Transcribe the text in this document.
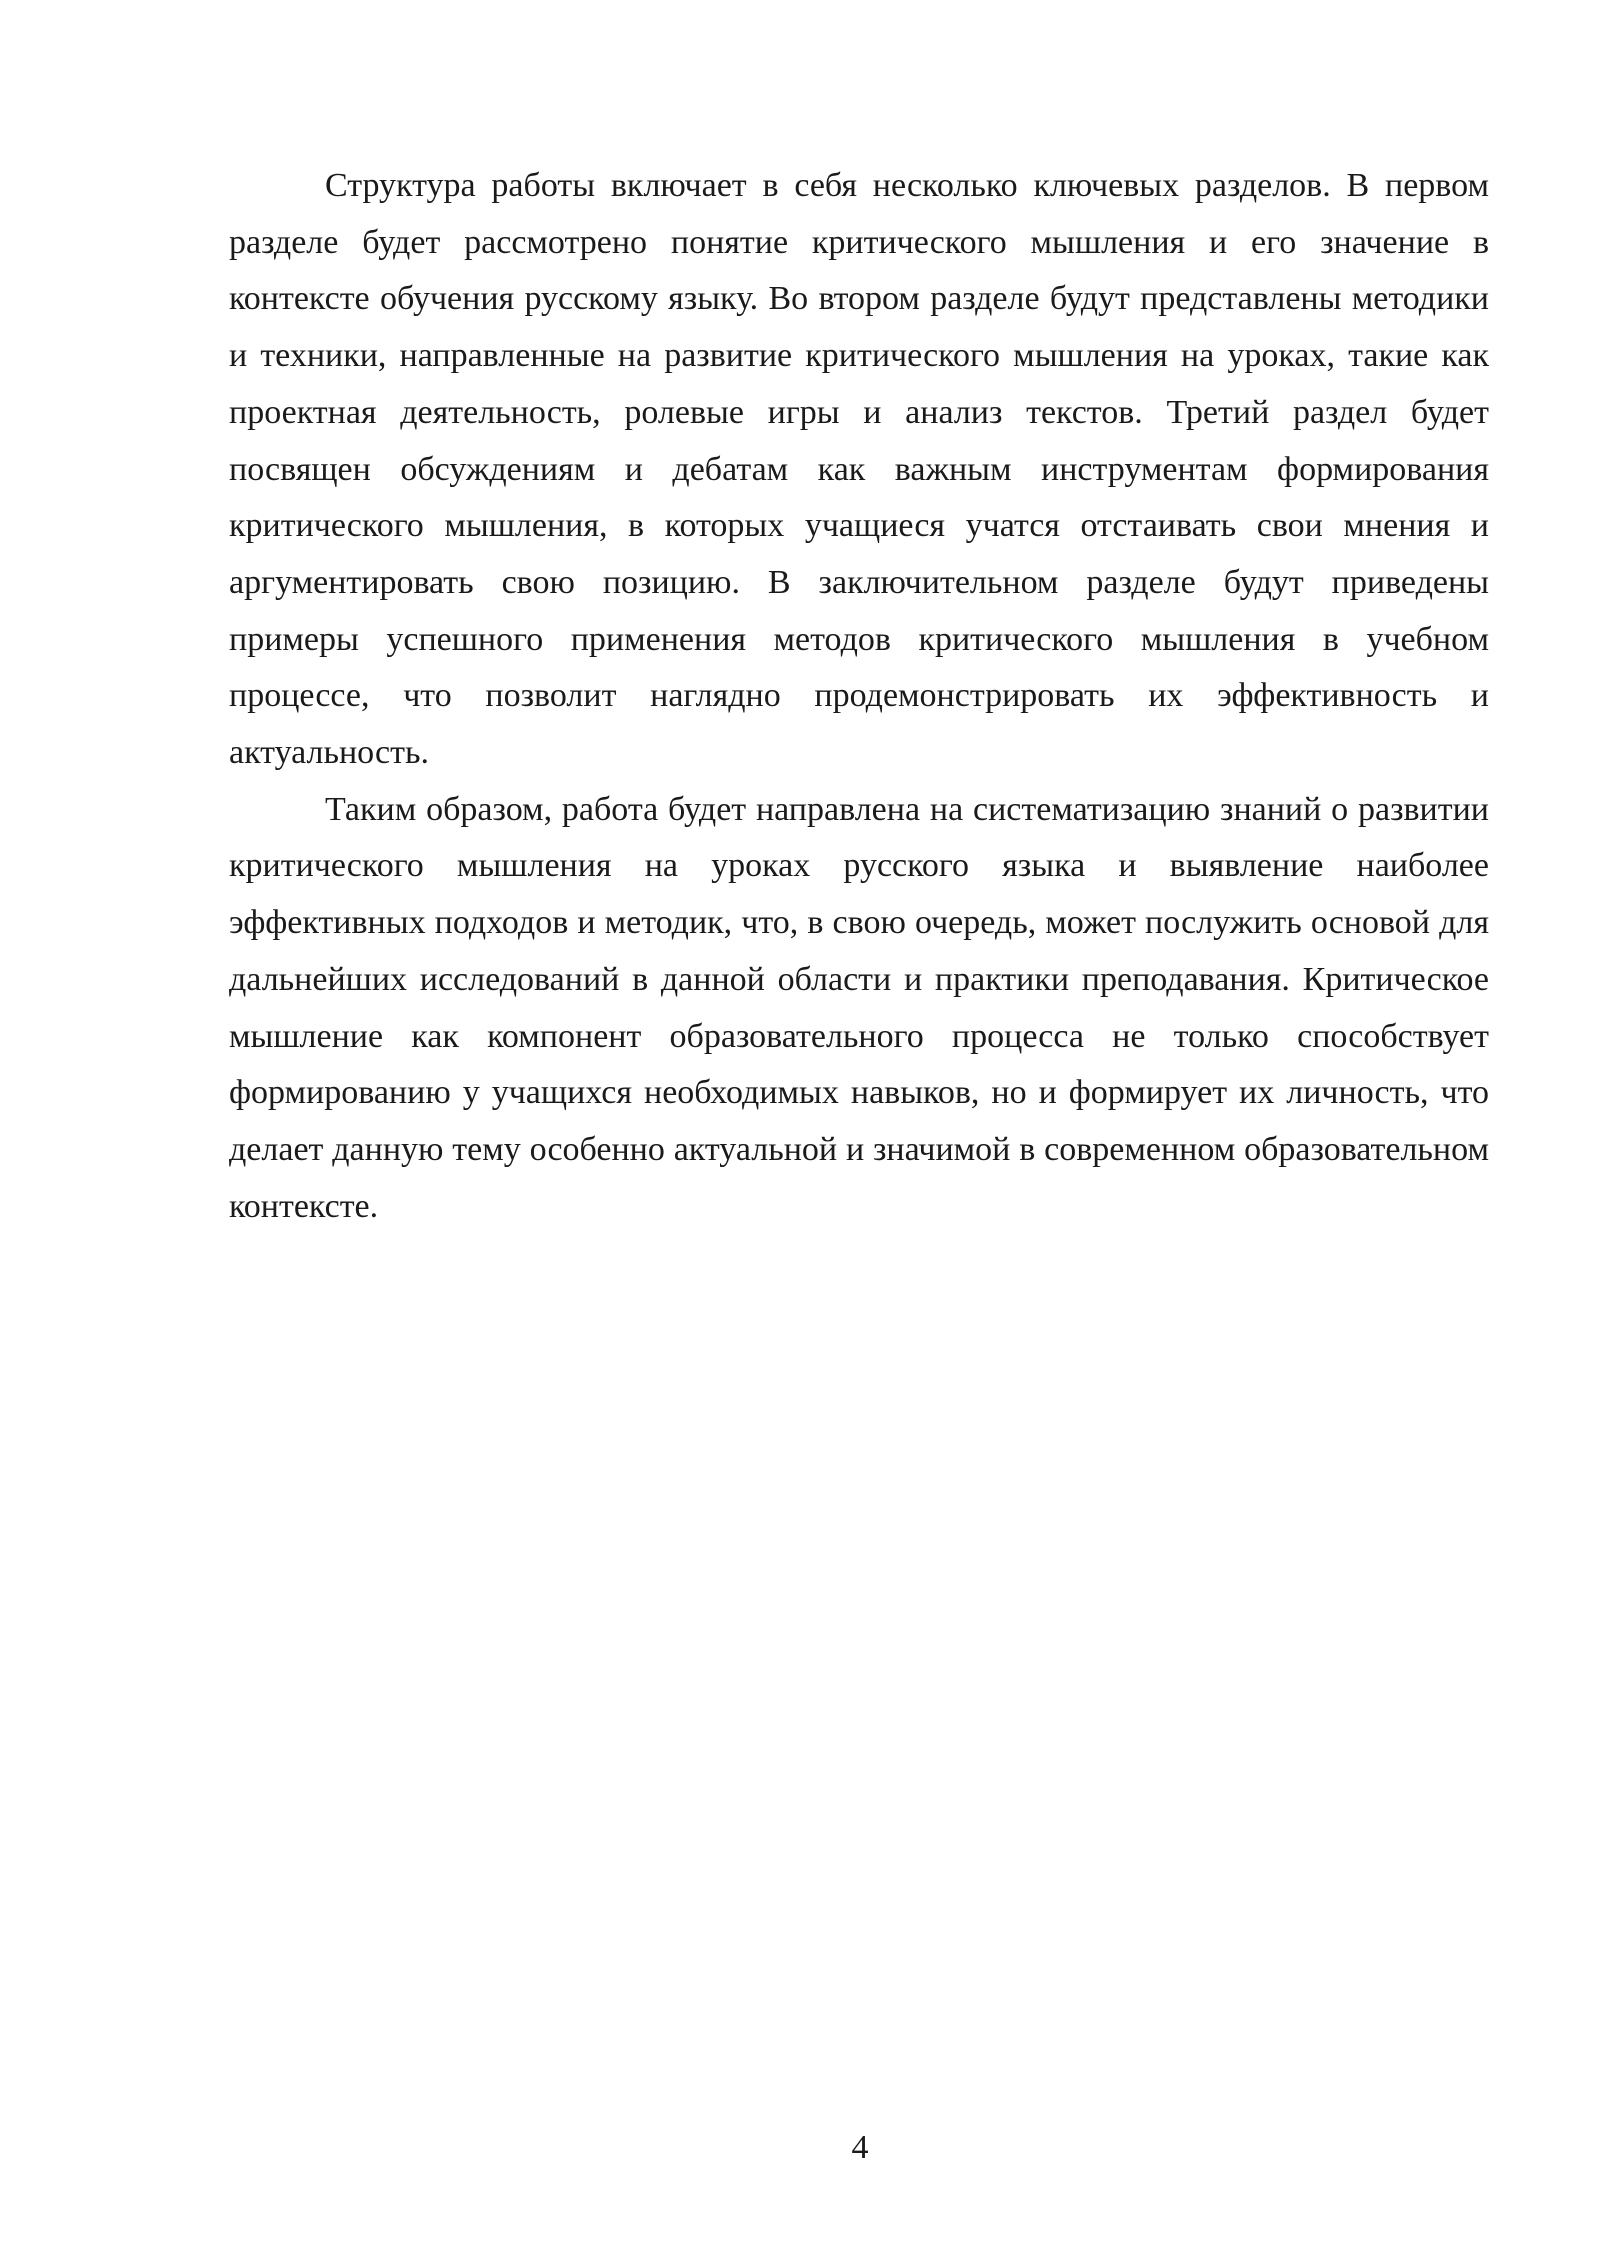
Структура работы включает в себя несколько ключевых разделов. В первом разделе будет рассмотрено понятие критического мышления и его значение в контексте обучения русскому языку. Во втором разделе будут представлены методики и техники, направленные на развитие критического мышления на уроках, такие как проектная деятельность, ролевые игры и анализ текстов. Третий раздел будет посвящен обсуждениям и дебатам как важным инструментам формирования критического мышления, в которых учащиеся учатся отстаивать свои мнения и аргументировать свою позицию. В заключительном разделе будут приведены примеры успешного применения методов критического мышления в учебном процессе, что позволит наглядно продемонстрировать их эффективность и актуальность.

Таким образом, работа будет направлена на систематизацию знаний о развитии критического мышления на уроках русского языка и выявление наиболее эффективных подходов и методик, что, в свою очередь, может послужить основой для дальнейших исследований в данной области и практики преподавания. Критическое мышление как компонент образовательного процесса не только способствует формированию у учащихся необходимых навыков, но и формирует их личность, что делает данную тему особенно актуальной и значимой в современном образовательном контексте.

4
